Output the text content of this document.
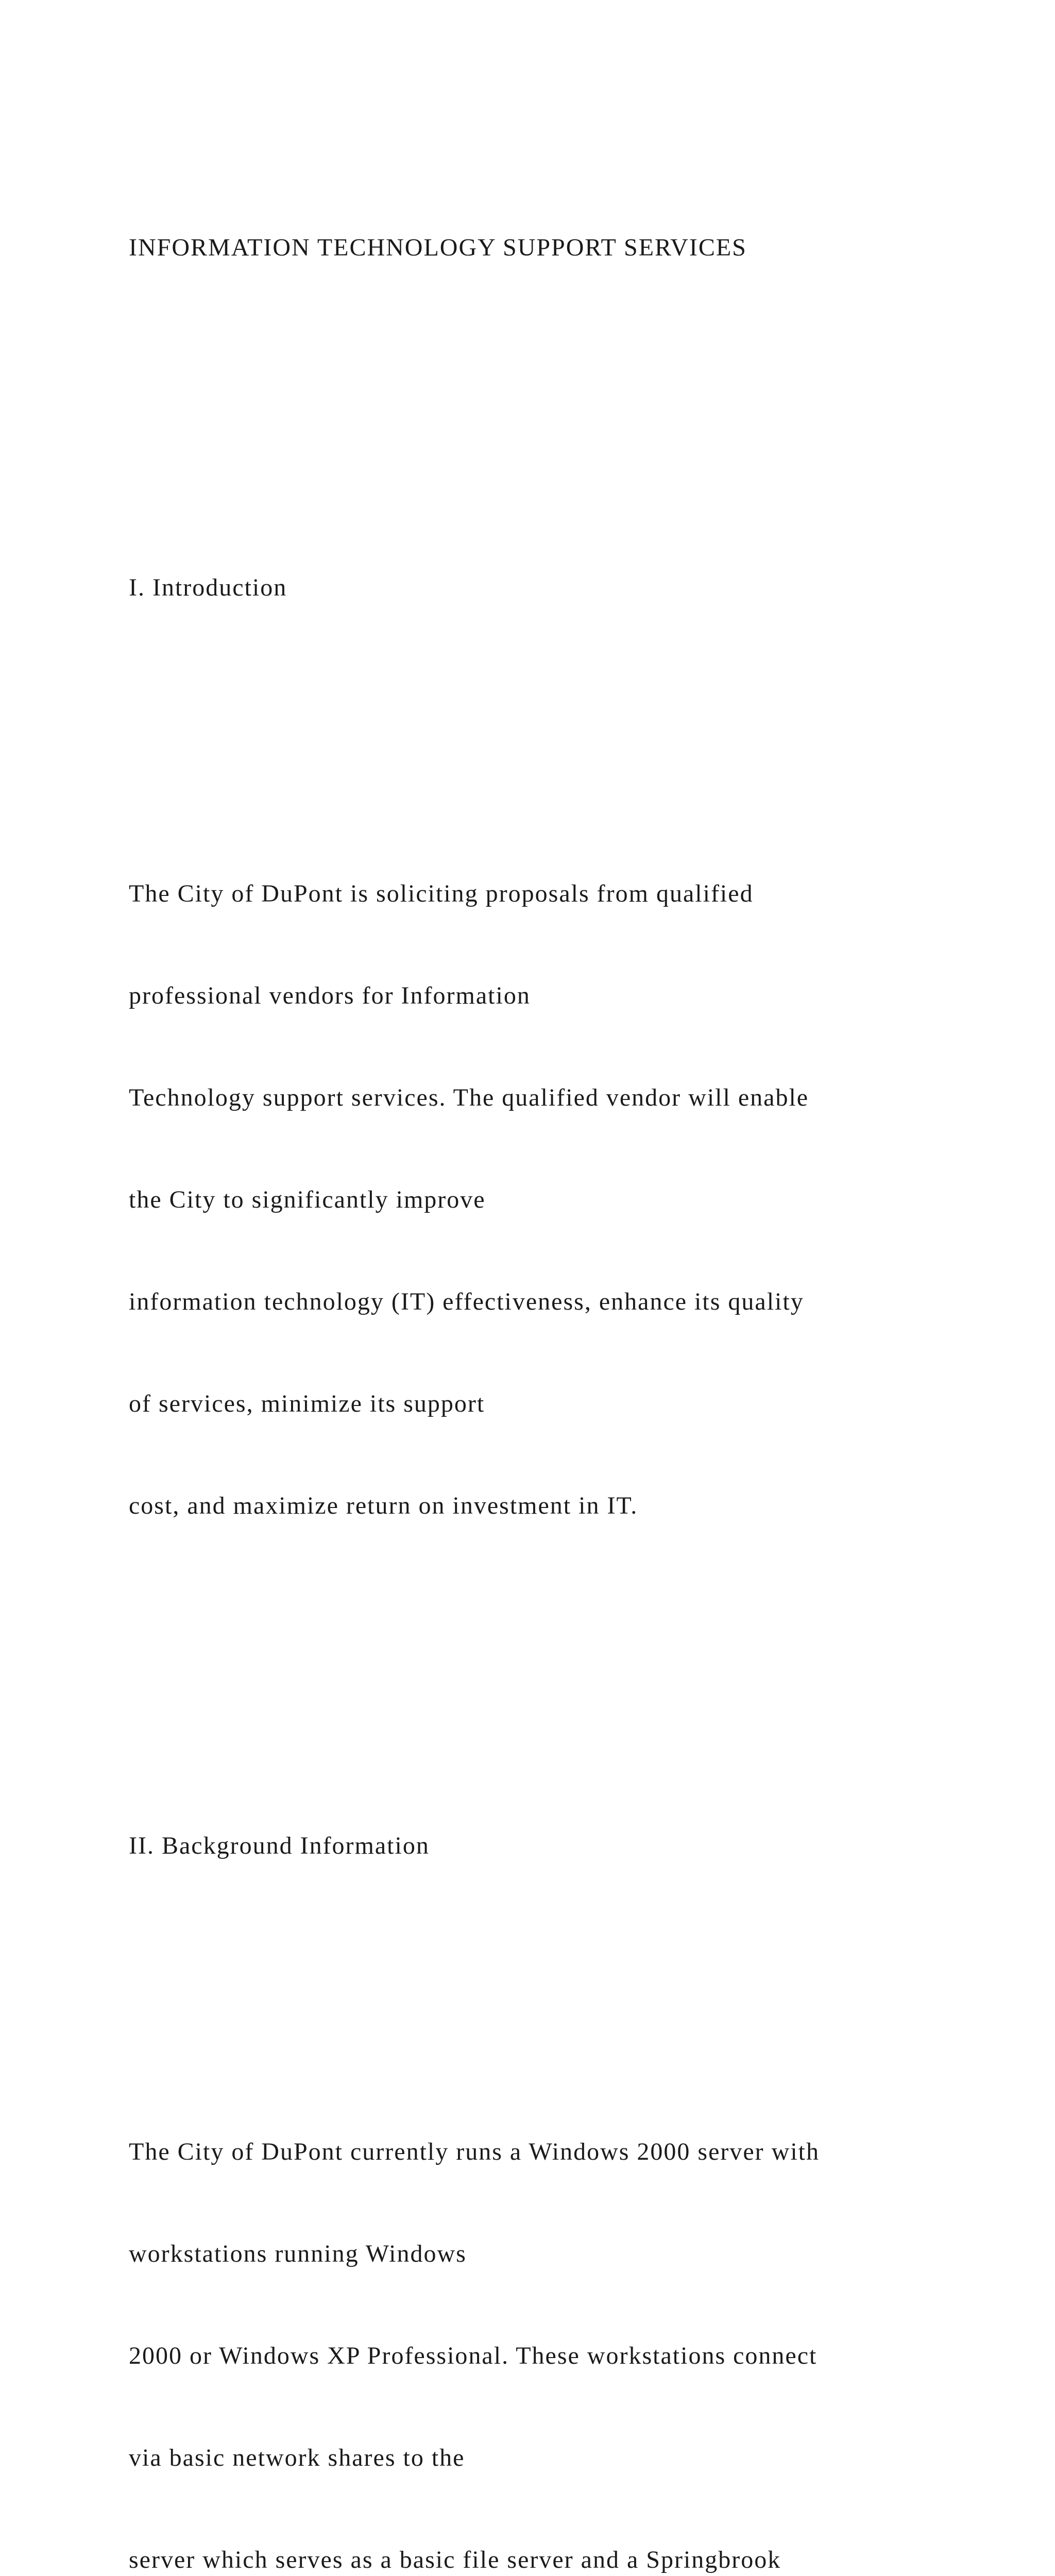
INFORMATION TECHNOLOGY SUPPORT SERVICES

I. Introduction

The City of DuPont is soliciting proposals from qualified

professional vendors for Information

Technology support services. The qualified vendor will enable

the City to significantly improve

information technology (IT) effectiveness, enhance its quality

of services, minimize its support

cost, and maximize return on investment in IT.

II. Background Information

The City of DuPont currently runs a Windows 2000 server with

workstations running Windows

2000 or Windows XP Professional. These workstations connect

via basic network shares to the

server which serves as a basic file server and a Springbrook
